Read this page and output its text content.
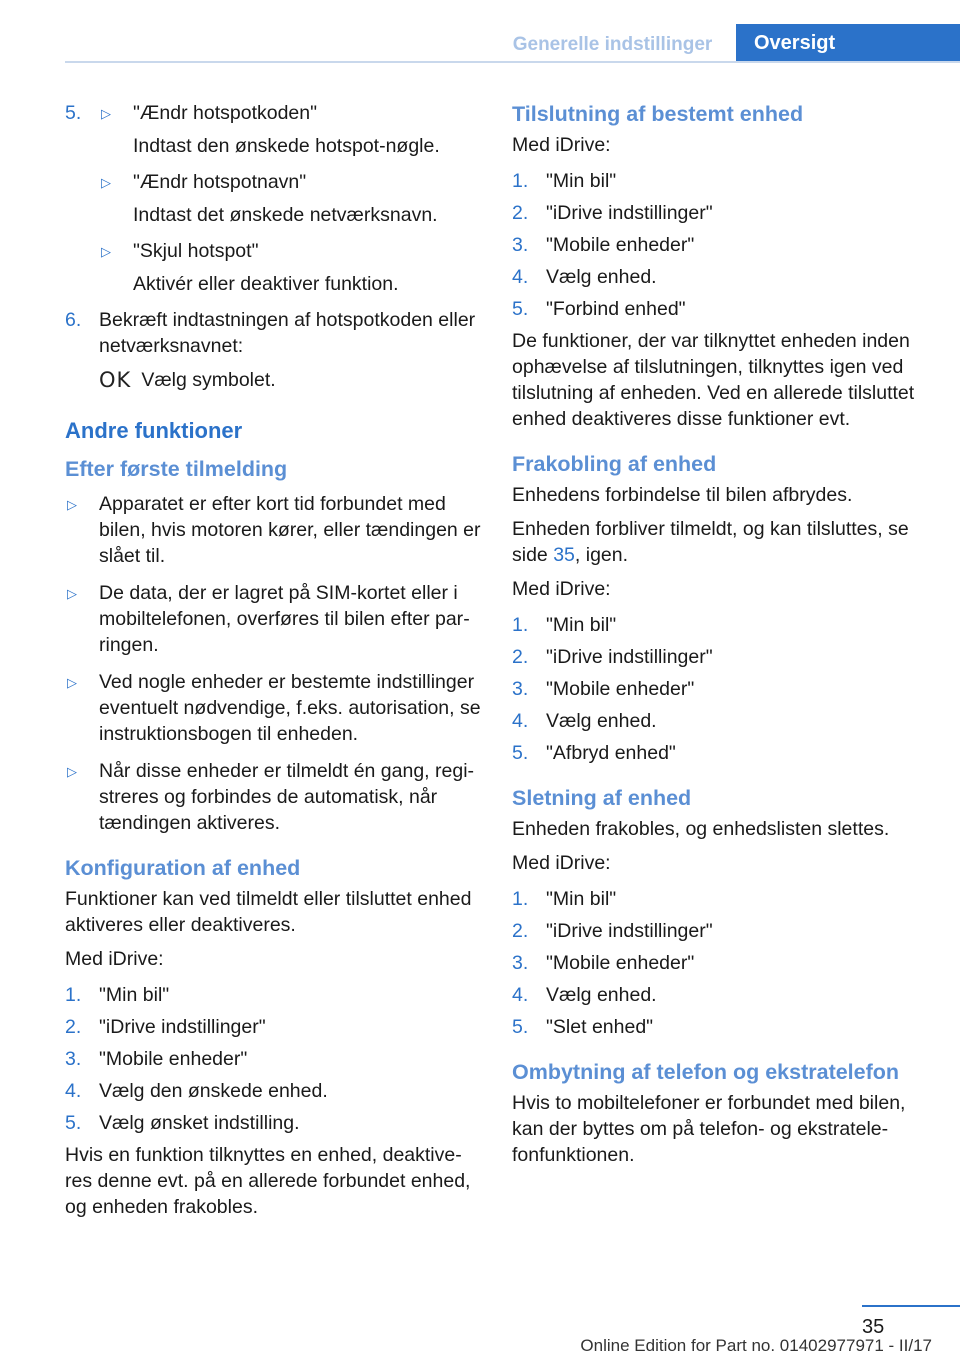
Generelle indstillinger	Oversigt
5. ▷ "Ændr hotspotkoden"
Indtast den ønskede hotspot-nøgle.
▷ "Ændr hotspotnavn"
Indtast det ønskede netværksnavn.
▷ "Skjul hotspot"
Aktivér eller deaktiver funktion.
6. Bekræft indtastningen af hotspotkoden eller netværksnavnet:
OK Vælg symbolet.
Andre funktioner
Efter første tilmelding
▷ Apparatet er efter kort tid forbundet med bilen, hvis motoren kører, eller tændingen er slået til.
▷ De data, der er lagret på SIM-kortet eller i mobiltelefonen, overføres til bilen efter parringen.
▷ Ved nogle enheder er bestemte indstillinger eventuelt nødvendige, f.eks. autorisation, se instruktionsbogen til enheden.
▷ Når disse enheder er tilmeldt én gang, registreres og forbindes de automatisk, når tændingen aktiveres.
Konfiguration af enhed

Funktioner kan ved tilmeldt eller tilsluttet enhed aktiveres eller deaktiveres.

Med iDrive:

1. "Min bil"
2. "iDrive indstillinger"
3. "Mobile enheder"
4. Vælg den ønskede enhed.
5. Vælg ønsket indstilling.

Hvis en funktion tilknyttes en enhed, deaktiveres denne evt. på en allerede forbundet enhed, og enheden frakobles.

Tilslutning af bestemt enhed

Med iDrive:

1. "Min bil"
2. "iDrive indstillinger"
3. "Mobile enheder"
4. Vælg enhed.
5. "Forbind enhed"

De funktioner, der var tilknyttet enheden inden ophævelse af tilslutningen, tilknyttes igen ved tilslutning af enheden. Ved en allerede tilsluttet enhed deaktiveres disse funktioner evt.

Frakobling af enhed

Enhedens forbindelse til bilen afbrydes.

Enheden forbliver tilmeldt, og kan tilsluttes, se side 35, igen.

Med iDrive:

1. "Min bil"
2. "iDrive indstillinger"
3. "Mobile enheder"
4. Vælg enhed.
5. "Afbryd enhed"
Sletning af enhed

Enheden frakobles, og enhedslisten slettes.

Med iDrive:

1. "Min bil"
2. "iDrive indstillinger"
3. "Mobile enheder"
4. Vælg enhed.
5. "Slet enhed"
Ombytning af telefon og ekstratelefon

Hvis to mobiltelefoner er forbundet med bilen, kan der byttes om på telefon- og ekstratelefonfunktionen.

35
Online Edition for Part no. 01402977971 - II/17
